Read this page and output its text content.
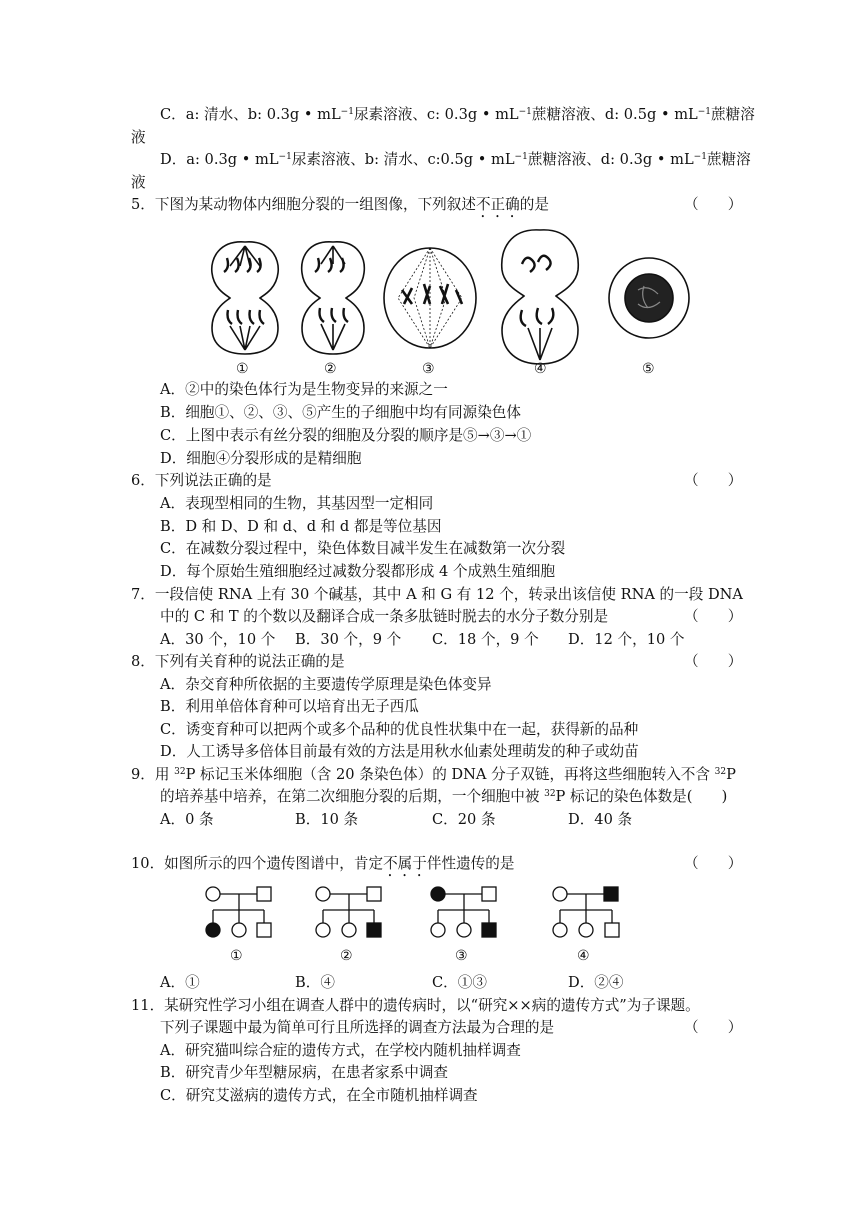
C．a: 清水、b: 0.3g • $mL^{-1}$尿素溶液、c: 0.3g • $mL^{-1}$蔗糖溶液、d: 0.5g • $mL^{-1}$蔗糖溶
液
D．a: 0.3g • $mL^{-1}$尿素溶液、b: 清水、c:0.5g • $mL^{-1}$蔗糖溶液、d: 0.3g • $mL^{-1}$蔗糖溶
液
5．下图为某动物体内细胞分裂的一组图像，下列叙述不正确的是	（　　）
①	②	③	④	⑤
A．②中的染色体行为是生物变异的来源之一
B．细胞①、②、③、⑤产生的子细胞中均有同源染色体
C．上图中表示有丝分裂的细胞及分裂的顺序是⑤→③→①
D．细胞④分裂形成的是精细胞
6．下列说法正确的是	（　　）
A．表现型相同的生物，其基因型一定相同
B．D 和 D、D 和 d、d 和 d 都是等位基因
C．在减数分裂过程中，染色体数目减半发生在减数第一次分裂
D．每个原始生殖细胞经过减数分裂都形成 4 个成熟生殖细胞
7．一段信使 RNA 上有 30 个碱基，其中 A 和 G 有 12 个，转录出该信使 RNA 的一段 DNA
中的 C 和 T 的个数以及翻译合成一条多肽链时脱去的水分子数分别是	（　　）
A．30 个，10 个 B．30 个，9 个 C．18 个，9 个 D．12 个，10 个
8．下列有关育种的说法正确的是	（　　）
A．杂交育种所依据的主要遗传学原理是染色体变异
B．利用单倍体育种可以培育出无子西瓜
C．诱变育种可以把两个或多个品种的优良性状集中在一起，获得新的品种
D．人工诱导多倍体目前最有效的方法是用秋水仙素处理萌发的种子或幼苗
9．用 $^{32}$P 标记玉米体细胞（含 20 条染色体）的 DNA 分子双链，再将这些细胞转入不含 $^{32}$P
的培养基中培养，在第二次细胞分裂的后期，一个细胞中被 $^{32}$P 标记的染色体数是(　　)
A．0 条	B．10 条	C．20 条	D．40 条
10．如图所示的四个遗传图谱中，肯定不属于伴性遗传的是	（　　）
①	②	③	④
A．①	B．④	C．①③	D．②④
11．某研究性学习小组在调查人群中的遗传病时，以“研究××病的遗传方式”为子课题。
下列子课题中最为简单可行且所选择的调查方法最为合理的是	（　　）
A．研究猫叫综合症的遗传方式，在学校内随机抽样调查
B．研究青少年型糖尿病，在患者家系中调查
C．研究艾滋病的遗传方式，在全市随机抽样调查
